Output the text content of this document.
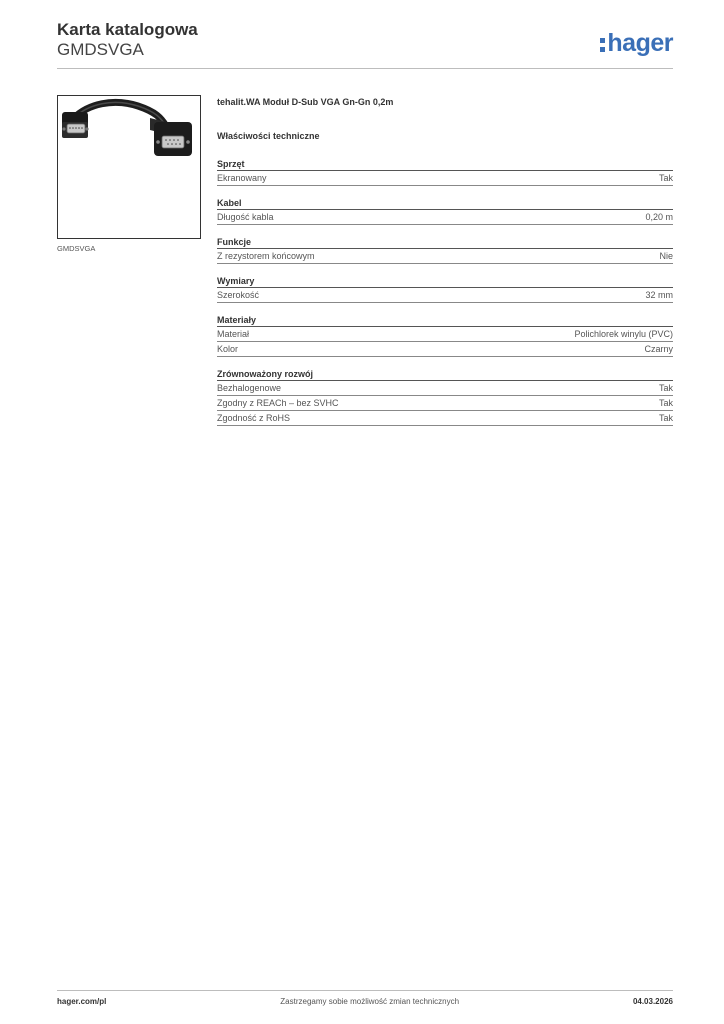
Karta katalogowa
GMDSVGA	hager
GMDSVGA
tehalit.WA Moduł D-Sub VGA Gn-Gn 0,2m
Właściwości techniczne
Sprzęt
Ekranowany	Tak
Kabel
Długość kabla	0,20 m
Funkcje
Z rezystorem końcowym	Nie
Wymiary
Szerokość	32 mm
Materiały
Materiał	Polichlorek winylu (PVC)
Kolor	Czarny
Zrównoważony rozwój
Bezhalogenowe	Tak
Zgodny z REACh – bez SVHC	Tak
Zgodność z RoHS	Tak
hager.com/pl	Zastrzegamy sobie możliwość zmian technicznych	04.03.2026
